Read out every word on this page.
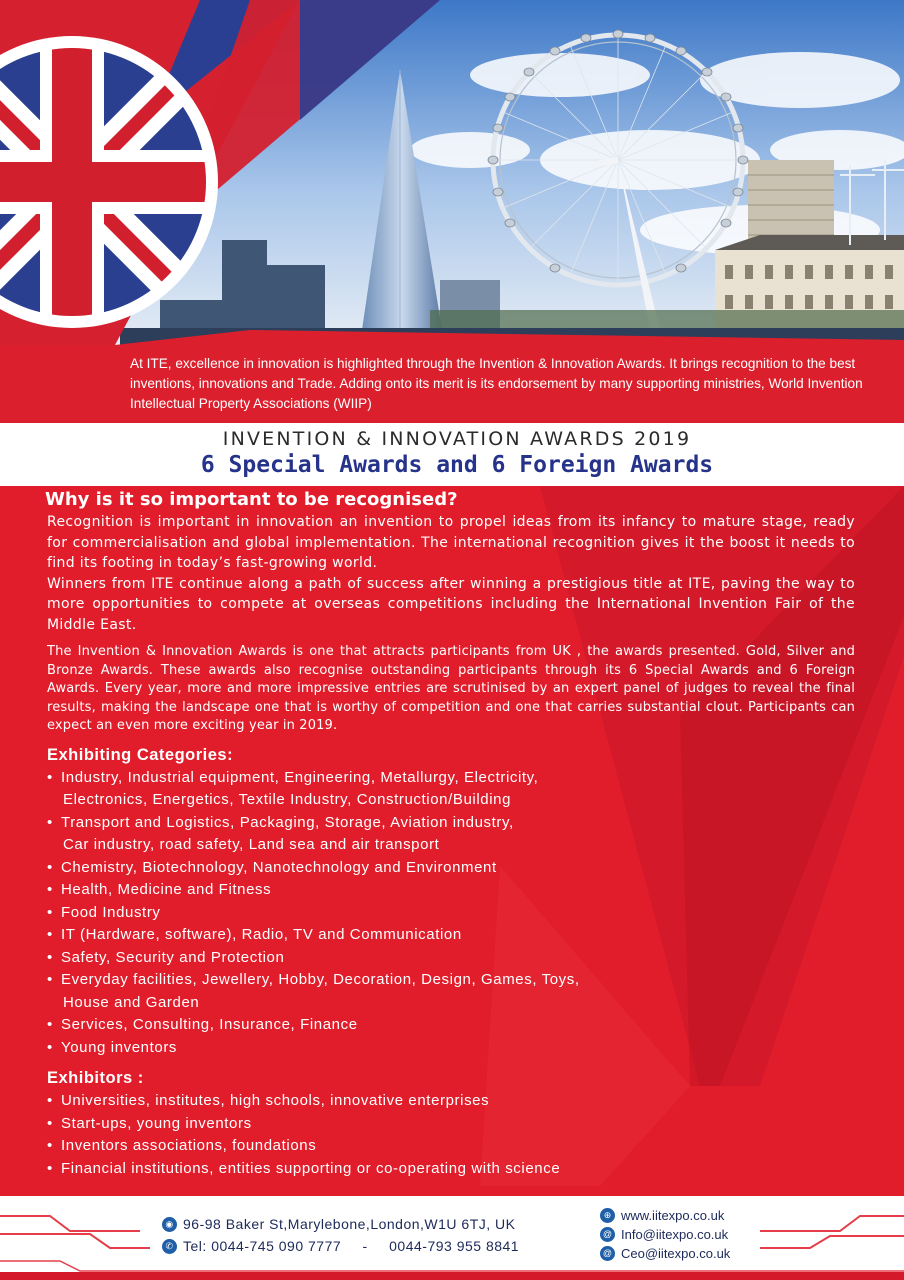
At ITE, excellence in innovation is highlighted through the Invention & Innovation Awards. It brings recognition to the best inventions, innovations and Trade. Adding onto its merit is its endorsement by many supporting ministries, World Invention Intellectual Property Associations (WIIP)
INVENTION & INNOVATION AWARDS 2019
6 Special Awards and 6 Foreign Awards
Why is it so important to be recognised?

Recognition is important in innovation an invention to propel ideas from its infancy to mature stage, ready for commercialisation and global implementation. The international recognition gives it the boost it needs to find its footing in today’s fast-growing world.

Winners from ITE continue along a path of success after winning a prestigious title at ITE, paving the way to more opportunities to compete at overseas competitions including the International Invention Fair of the Middle East.

The Invention & Innovation Awards is one that attracts participants from UK , the awards presented. Gold, Silver and Bronze Awards. These awards also recognise outstanding participants through its 6 Special Awards and 6 Foreign Awards. Every year, more and more impressive entries are scrutinised by an expert panel of judges to reveal the final results, making the landscape one that is worthy of competition and one that carries substantial clout. Participants can expect an even more exciting year in 2019.

Exhibiting Categories:
• Industry, Industrial equipment, Engineering, Metallurgy, Electricity,
Electronics, Energetics, Textile Industry, Construction/Building
• Transport and Logistics, Packaging, Storage, Aviation industry,
Car industry, road safety, Land sea and air transport
• Chemistry, Biotechnology, Nanotechnology and Environment
• Health, Medicine and Fitness
• Food Industry
• IT (Hardware, software), Radio, TV and Communication
• Safety, Security and Protection
• Everyday facilities, Jewellery, Hobby, Decoration, Design, Games, Toys,
House and Garden
• Services, Consulting, Insurance, Finance
• Young inventors
Exhibitors :
• Universities, institutes, high schools, innovative enterprises
• Start-ups, young inventors
• Inventors associations, foundations
• Financial institutions, entities supporting or co-operating with science
◉ 96-98 Baker St,Marylebone,London,W1U 6TJ, UK
✆ Tel:
0044-745 090 7777	-	0044-793 955 8841
⊕ www.iitexpo.co.uk
@ Info@iitexpo.co.uk
@ Ceo@iitexpo.co.uk
